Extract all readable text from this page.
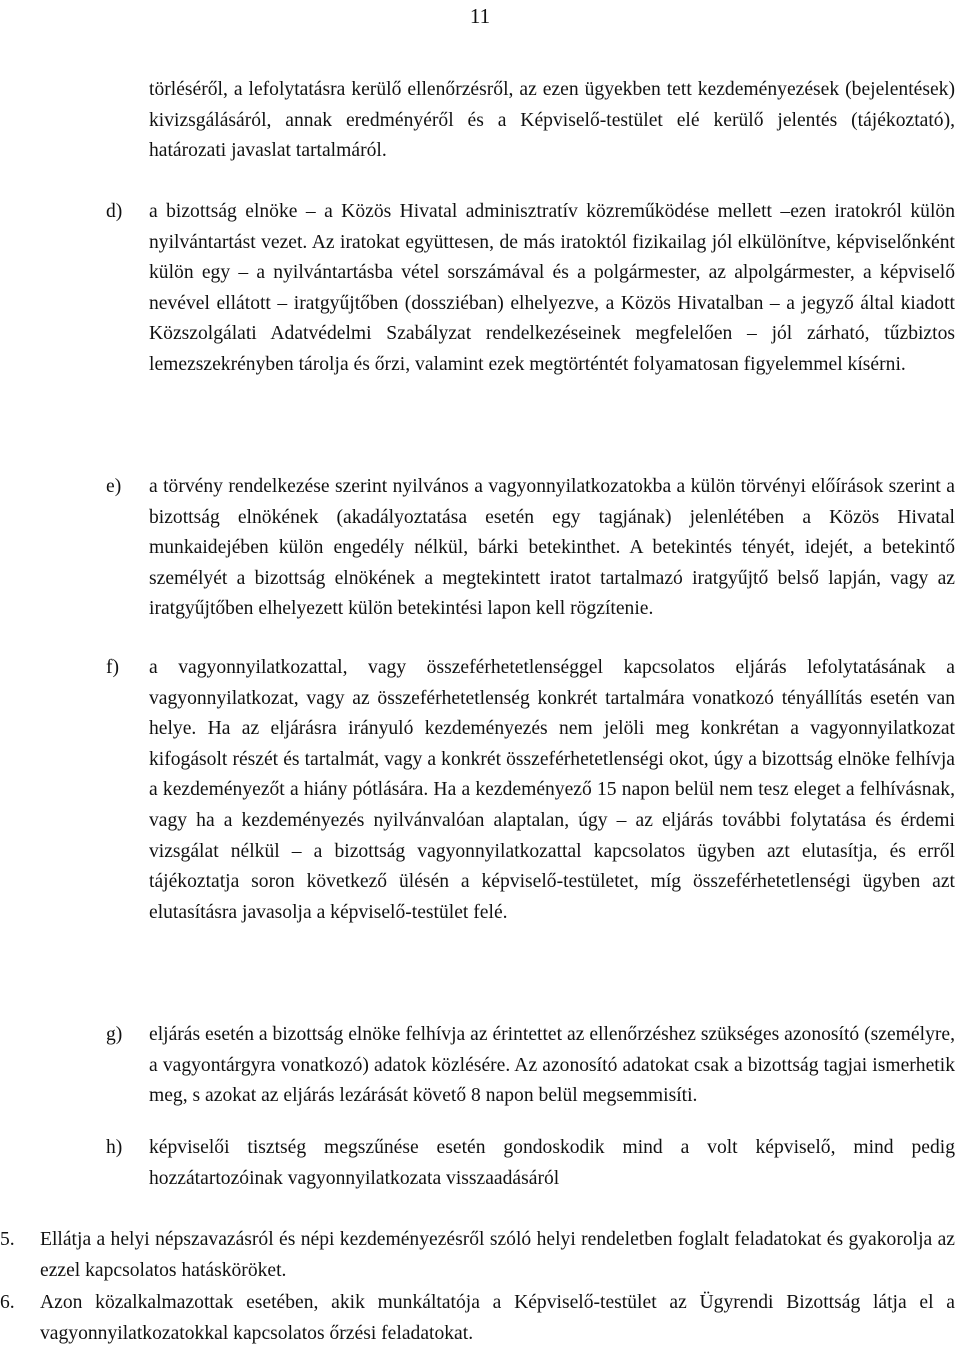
11
törléséről, a lefolytatásra kerülő ellenőrzésről, az ezen ügyekben tett kezdeményezések (bejelentések) kivizsgálásáról, annak eredményéről és a Képviselő-testület elé kerülő jelentés (tájékoztató), határozati javaslat tartalmáról.
d)	a bizottság elnöke – a Közös Hivatal adminisztratív közreműködése mellett –ezen iratokról külön nyilvántartást vezet. Az iratokat együttesen, de más iratoktól fizikailag jól elkülönítve, képviselőnként külön egy – a nyilvántartásba vétel sorszámával és a polgármester, az alpolgármester, a képviselő nevével ellátott – iratgyűjtőben (dossziéban) elhelyezve, a Közös Hivatalban – a jegyző által kiadott Közszolgálati Adatvédelmi Szabályzat rendelkezéseinek megfelelően – jól zárható, tűzbiztos lemezszekrényben tárolja és őrzi, valamint ezek megtörténtét folyamatosan figyelemmel kísérni.
e)	a törvény rendelkezése szerint nyilvános a vagyonnyilatkozatokba a külön törvényi előírások szerint a bizottság elnökének (akadályoztatása esetén egy tagjának) jelenlétében a Közös Hivatal munkaidejében külön engedély nélkül, bárki betekinthet. A betekintés tényét, idejét, a betekintő személyét a bizottság elnökének a megtekintett iratot tartalmazó iratgyűjtő belső lapján, vagy az iratgyűjtőben elhelyezett külön betekintési lapon kell rögzítenie.
f)	a vagyonnyilatkozattal, vagy összeférhetetlenséggel kapcsolatos eljárás lefolytatásának a vagyonnyilatkozat, vagy az összeférhetetlenség konkrét tartalmára vonatkozó tényállítás esetén van helye. Ha az eljárásra irányuló kezdeményezés nem jelöli meg konkrétan a vagyonnyilatkozat kifogásolt részét és tartalmát, vagy a konkrét összeférhetetlenségi okot, úgy a bizottság elnöke felhívja a kezdeményezőt a hiány pótlására. Ha a kezdeményező 15 napon belül nem tesz eleget a felhívásnak, vagy ha a kezdeményezés nyilvánvalóan alaptalan, úgy – az eljárás további folytatása és érdemi vizsgálat nélkül – a bizottság vagyonnyilatkozattal kapcsolatos ügyben azt elutasítja, és erről tájékoztatja soron következő ülésén a képviselő-testületet, míg összeférhetetlenségi ügyben azt elutasításra javasolja a képviselő-testület felé.
g)	eljárás esetén a bizottság elnöke felhívja az érintettet az ellenőrzéshez szükséges azonosító (személyre, a vagyontárgyra vonatkozó) adatok közlésére. Az azonosító adatokat csak a bizottság tagjai ismerhetik meg, s azokat az eljárás lezárását követő 8 napon belül megsemmisíti.
h)	képviselői tisztség megszűnése esetén gondoskodik mind a volt képviselő, mind pedig hozzátartozóinak vagyonnyilatkozata visszaadásáról
5.	Ellátja a helyi népszavazásról és népi kezdeményezésről szóló helyi rendeletben foglalt feladatokat és gyakorolja az ezzel kapcsolatos hatásköröket.
6.	Azon közalkalmazottak esetében, akik munkáltatója a Képviselő-testület az Ügyrendi Bizottság látja el a vagyonnyilatkozatokkal kapcsolatos őrzési feladatokat.
